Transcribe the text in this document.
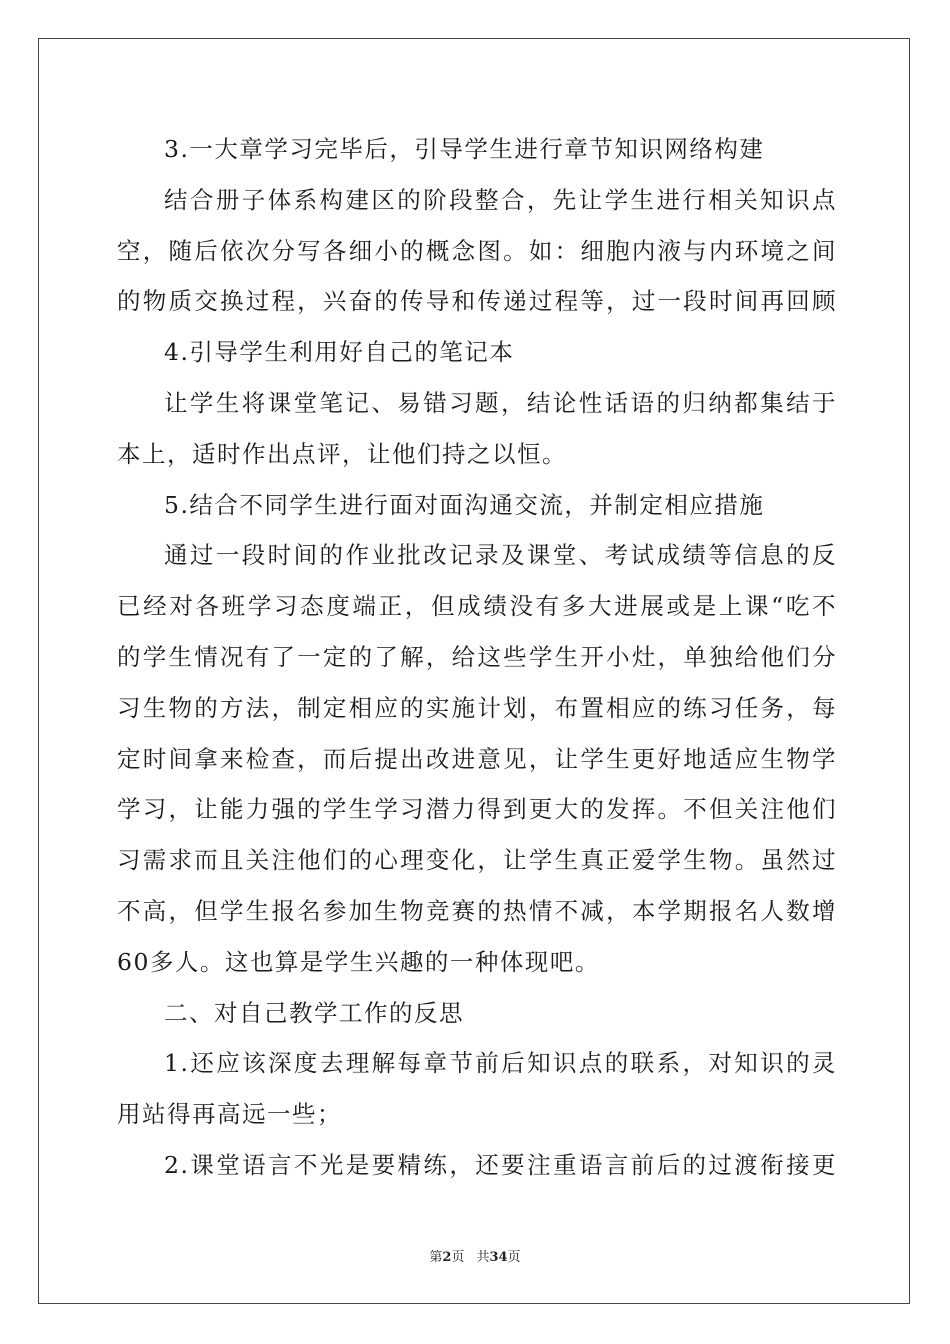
3.一大章学习完毕后，引导学生进行章节知识网络构建
结合册子体系构建区的阶段整合，先让学生进行相关知识点
空，随后依次分写各细小的概念图。如：细胞内液与内环境之间
的物质交换过程，兴奋的传导和传递过程等，过一段时间再回顾
4.引导学生利用好自己的笔记本
让学生将课堂笔记、易错习题，结论性话语的归纳都集结于
本上，适时作出点评，让他们持之以恒。
5.结合不同学生进行面对面沟通交流，并制定相应措施
通过一段时间的作业批改记录及课堂、考试成绩等信息的反
已经对各班学习态度端正，但成绩没有多大进展或是上课“吃不
的学生情况有了一定的了解，给这些学生开小灶，单独给他们分
习生物的方法，制定相应的实施计划，布置相应的练习任务，每
定时间拿来检查，而后提出改进意见，让学生更好地适应生物学
学习，让能力强的学生学习潜力得到更大的发挥。不但关注他们
习需求而且关注他们的心理变化，让学生真正爱学生物。虽然过
不高，但学生报名参加生物竞赛的热情不减，本学期报名人数增
60多人。这也算是学生兴趣的一种体现吧。
二、对自己教学工作的反思
1.还应该深度去理解每章节前后知识点的联系，对知识的灵
用站得再高远一些；
2.课堂语言不光是要精练，还要注重语言前后的过渡衔接更
第2页 共34页
